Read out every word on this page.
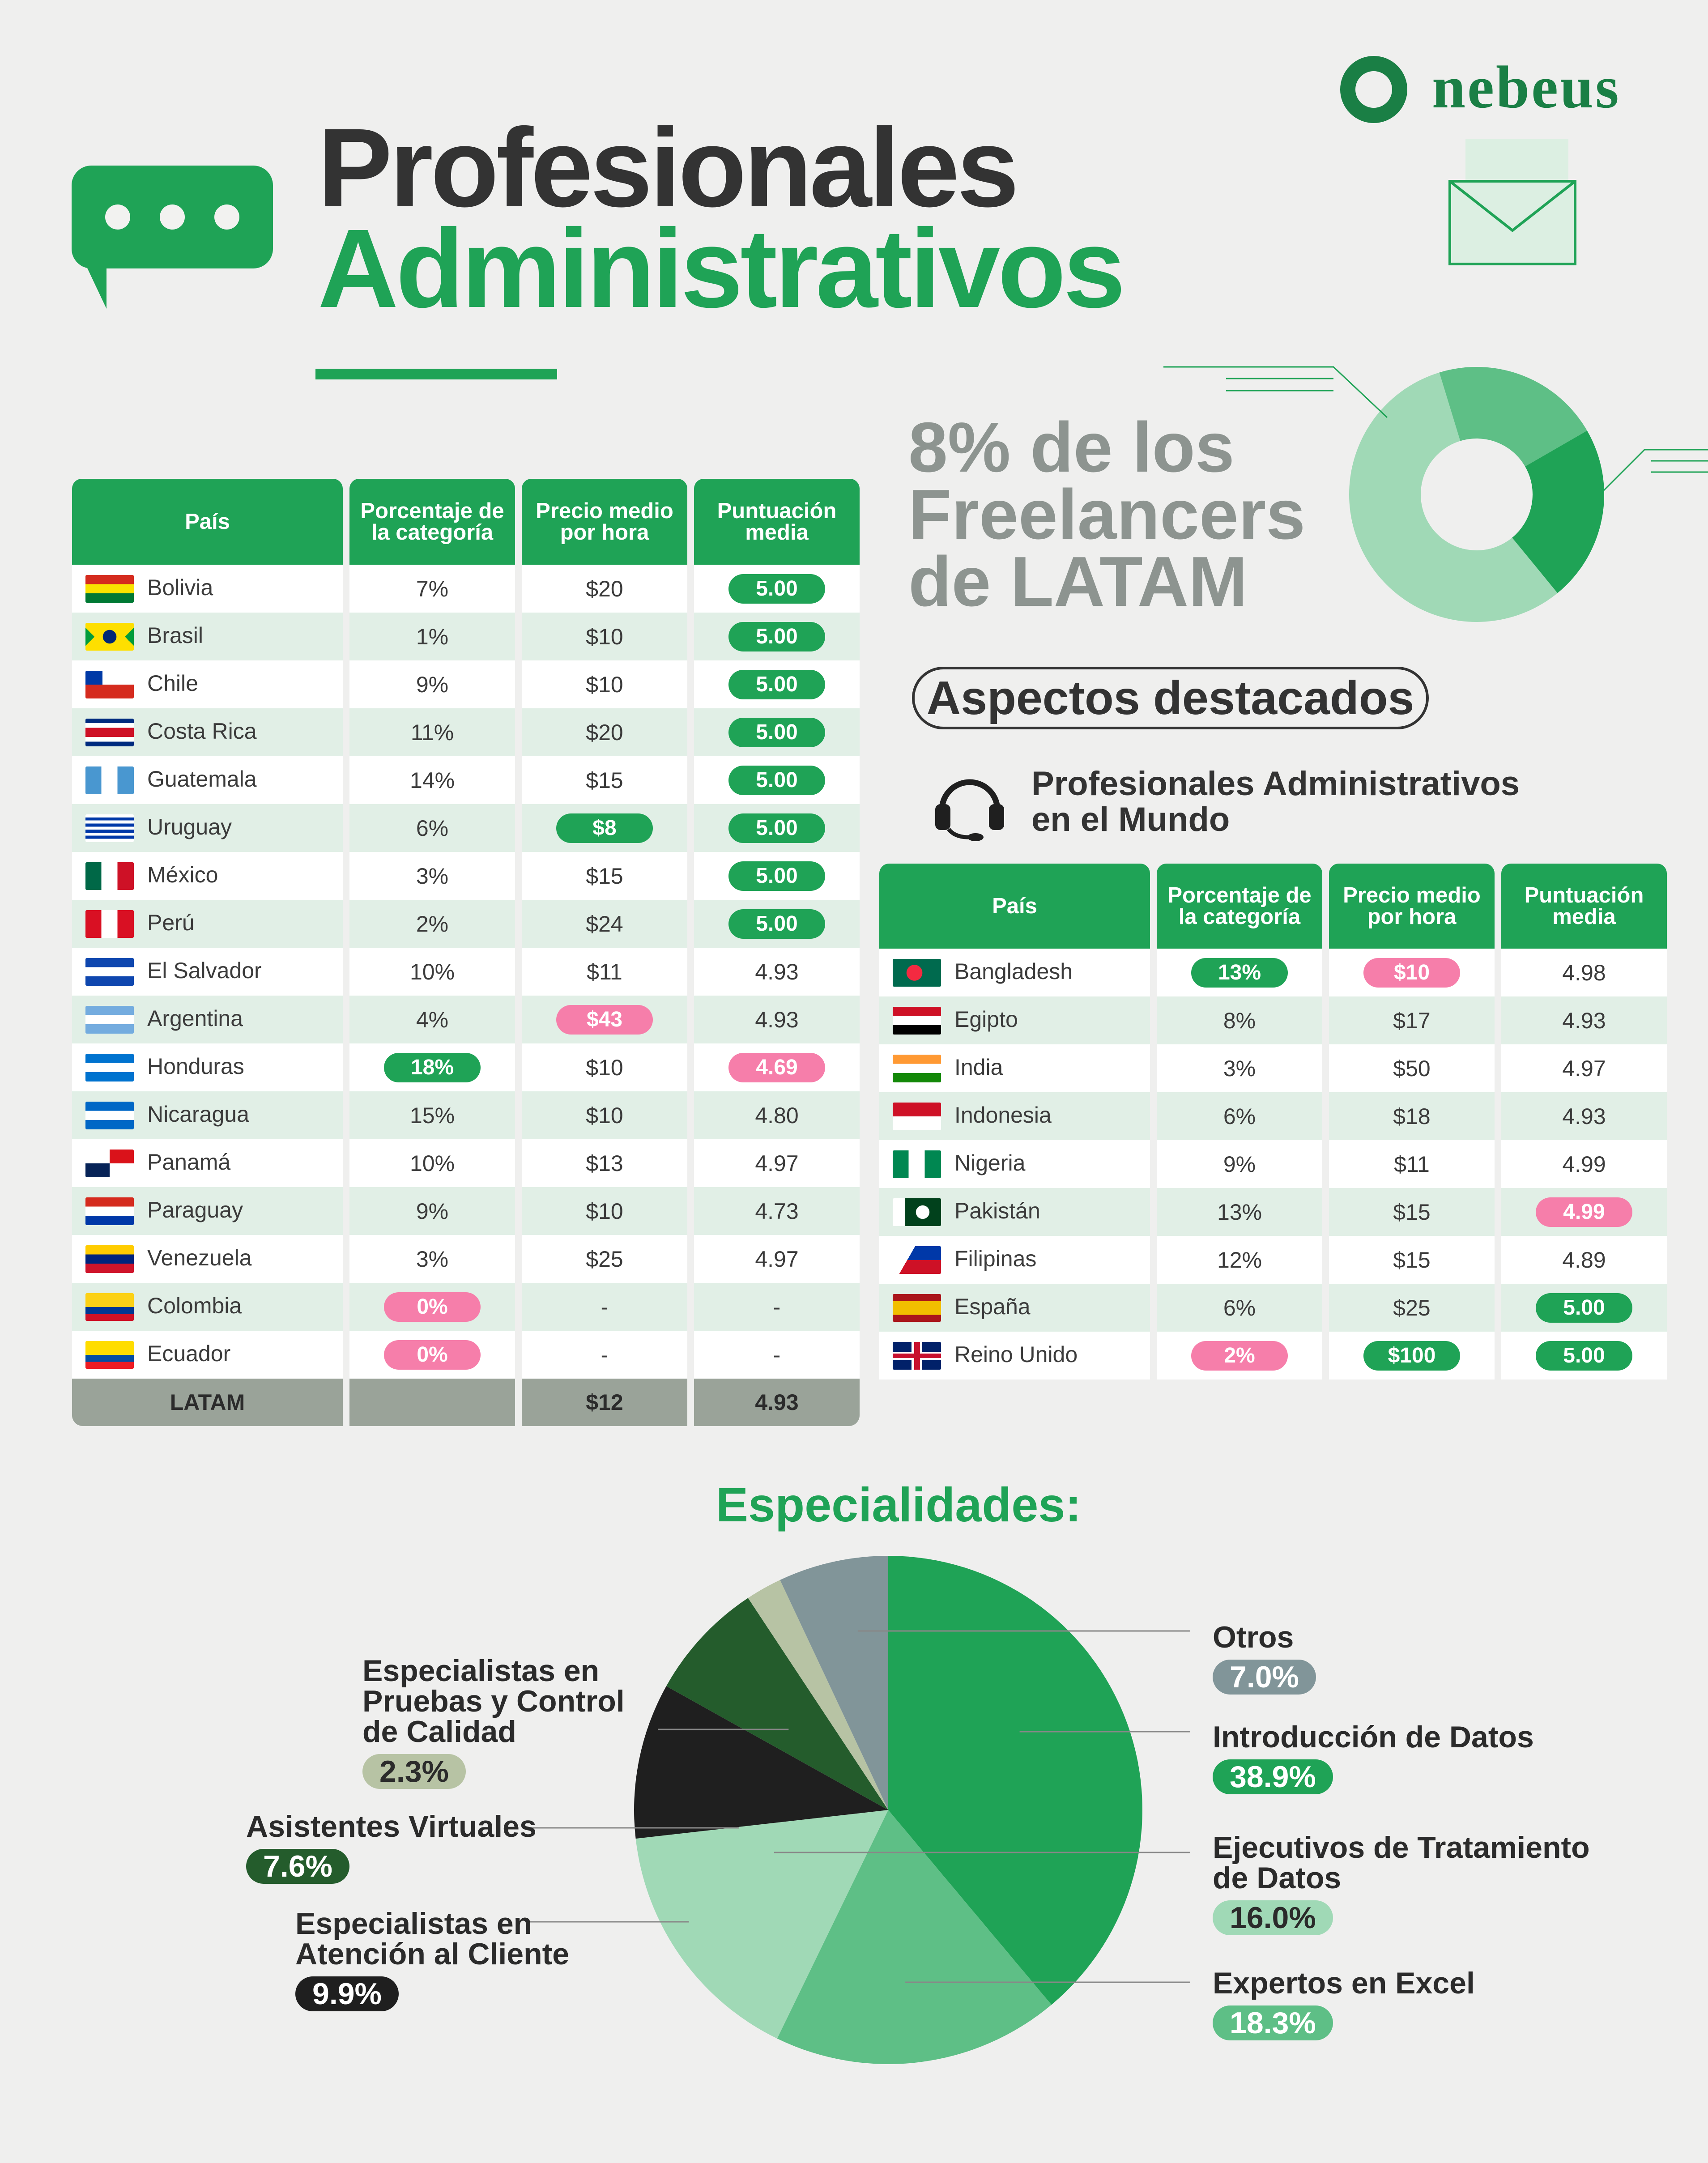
Profesionales
Administrativos
nebeus
8% de los
Freelancers
de LATAM
Aspectos destacados
Profesionales Administrativos
en el Mundo
País	Porcentaje de la categoría	Precio medio por hora	Puntuación media
Bolivia	7%	$20	5.00
Brasil	1%	$10	5.00
Chile	9%	$10	5.00
Costa Rica	11%	$20	5.00
Guatemala	14%	$15	5.00
Uruguay	6%	$8	5.00
México	3%	$15	5.00
Perú	2%	$24	5.00
El Salvador	10%	$11	4.93
Argentina	4%	$43	4.93
Honduras	18%	$10	4.69
Nicaragua	15%	$10	4.80
Panamá	10%	$13	4.97
Paraguay	9%	$10	4.73
Venezuela	3%	$25	4.97
Colombia	0%	-	-
Ecuador	0%	-	-
LATAM		$12	4.93
País	Porcentaje de la categoría	Precio medio por hora	Puntuación media
Bangladesh	13%	$10	4.98
Egipto	8%	$17	4.93
India	3%	$50	4.97
Indonesia	6%	$18	4.93
Nigeria	9%	$11	4.99
Pakistán	13%	$15	4.99
Filipinas	12%	$15	4.89
España	6%	$25	5.00
Reino Unido	2%	$100	5.00
Especialidades:
Otros
7.0%
Introducción de Datos
38.9%
Ejecutivos de Tratamiento de Datos
16.0%
Expertos en Excel
18.3%
Especialistas en Pruebas y Control de Calidad
2.3%
Asistentes Virtuales
7.6%
Especialistas en Atención al Cliente
9.9%
